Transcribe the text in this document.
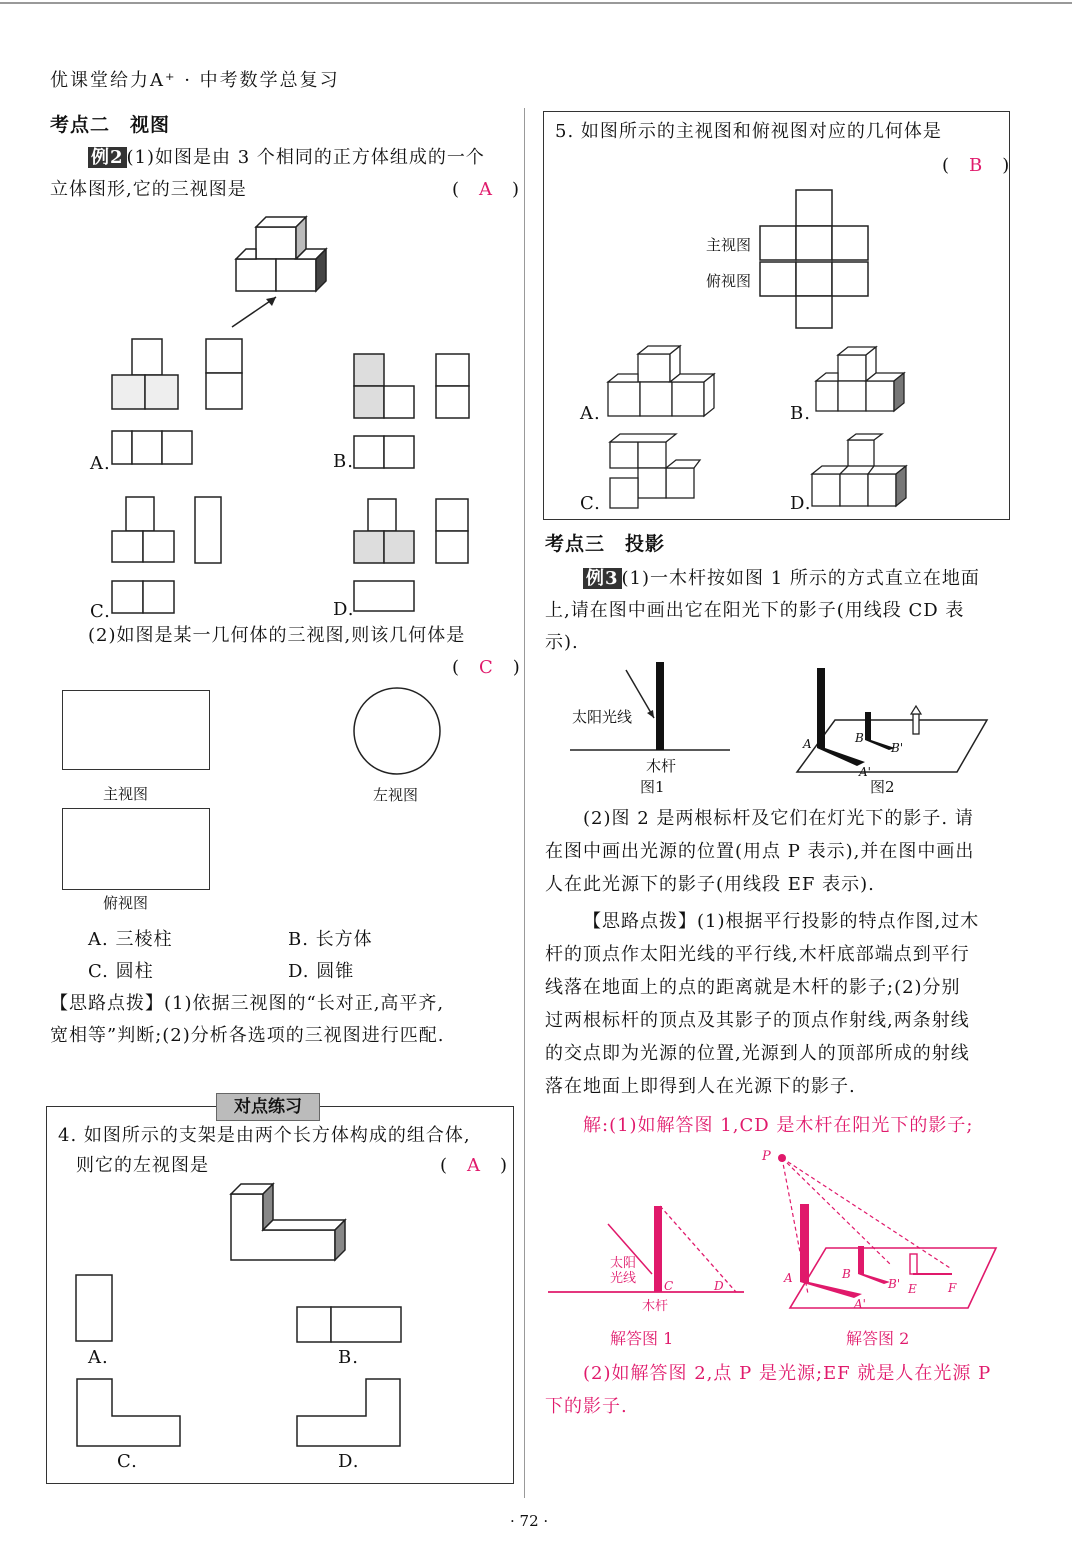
优课堂给力A⁺ · 中考数学总复习
考点二　视图
例2 (1)如图是由 3 个相同的正方体组成的一个
立体图形,它的三视图是	(　A　)
A.	B.
C.	D.
(2)如图是某一几何体的三视图,则该几何体是
(　C　)
主视图	左视图
俯视图
A. 三棱柱	B. 长方体
C. 圆柱	D. 圆锥
【思路点拨】(1)依据三视图的“长对正,高平齐,
宽相等”判断;(2)分析各选项的三视图进行匹配.
对点练习
4. 如图所示的支架是由两个长方体构成的组合体,
则它的左视图是	(　A　)
A.	B.
C.	D.
5. 如图所示的主视图和俯视图对应的几何体是
(　B　)
主视图
俯视图
A.	B.
C.	D.
考点三　投影
例3 (1)一木杆按如图 1 所示的方式直立在地面
上,请在图中画出它在阳光下的影子(用线段 CD 表
示).
太阳光线
木杆
图1
A	B
B'
A'
图2
(2)图 2 是两根标杆及它们在灯光下的影子. 请
在图中画出光源的位置(用点 P 表示),并在图中画出
人在此光源下的影子(用线段 EF 表示).
【思路点拨】(1)根据平行投影的特点作图,过木
杆的顶点作太阳光线的平行线,木杆底部端点到平行
线落在地面上的点的距离就是木杆的影子;(2)分别
过两根标杆的顶点及其影子的顶点作射线,两条射线
的交点即为光源的位置,光源到人的顶部所成的射线
落在地面上即得到人在光源下的影子.
解:(1)如解答图 1,CD 是木杆在阳光下的影子;
C	D
太阳光线
木杆
解答图 1
P
A	B
B'
A'
E	F
解答图 2
(2)如解答图 2,点 P 是光源;EF 就是人在光源 P
下的影子.
· 72 ·
